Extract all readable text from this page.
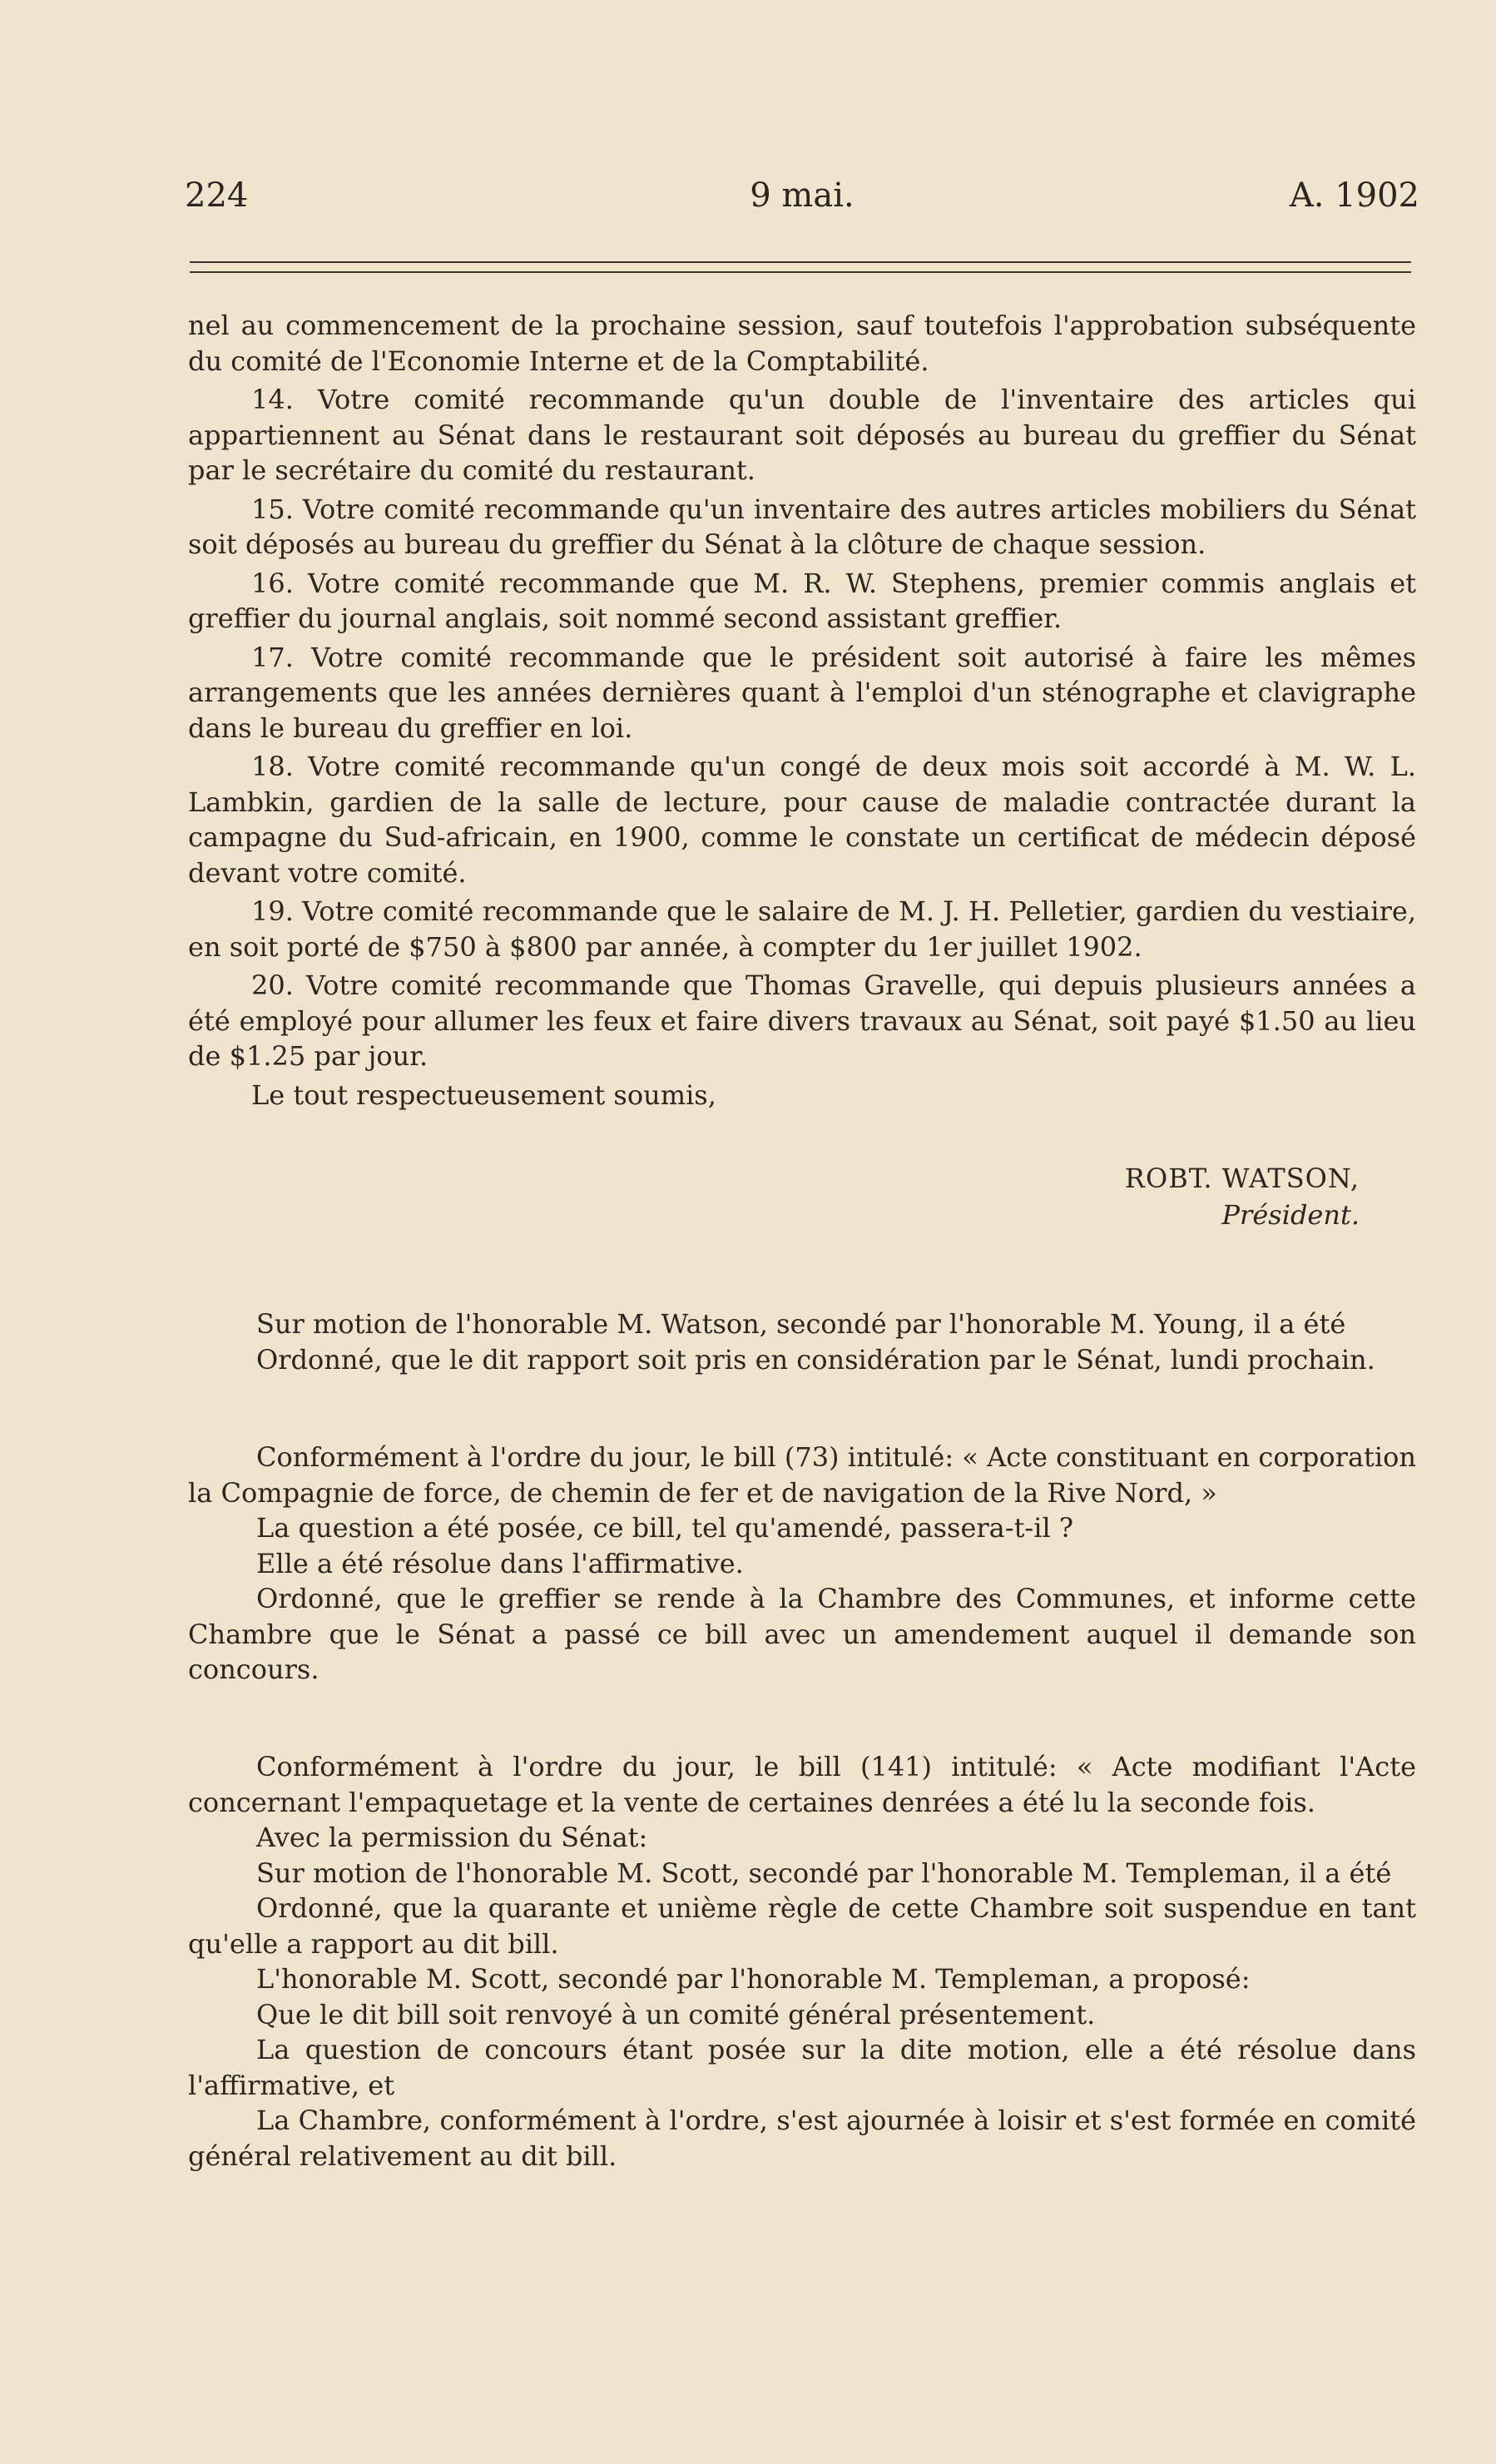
224	9 mai.	A. 1902

nel au commencement de la prochaine session, sauf toutefois l'approbation subséquente du comité de l'Economie Interne et de la Comptabilité.

14. Votre comité recommande qu'un double de l'inventaire des articles qui appartiennent au Sénat dans le restaurant soit déposés au bureau du greffier du Sénat par le secrétaire du comité du restaurant.

15. Votre comité recommande qu'un inventaire des autres articles mobiliers du Sénat soit déposés au bureau du greffier du Sénat à la clôture de chaque session.

16. Votre comité recommande que M. R. W. Stephens, premier commis anglais et greffier du journal anglais, soit nommé second assistant greffier.

17. Votre comité recommande que le président soit autorisé à faire les mêmes arrangements que les années dernières quant à l'emploi d'un sténographe et clavigraphe dans le bureau du greffier en loi.

18. Votre comité recommande qu'un congé de deux mois soit accordé à M. W. L. Lambkin, gardien de la salle de lecture, pour cause de maladie contractée durant la campagne du Sud-africain, en 1900, comme le constate un certificat de médecin déposé devant votre comité.

19. Votre comité recommande que le salaire de M. J. H. Pelletier, gardien du vestiaire, en soit porté de $750 à $800 par année, à compter du 1er juillet 1902.

20. Votre comité recommande que Thomas Gravelle, qui depuis plusieurs années a été employé pour allumer les feux et faire divers travaux au Sénat, soit payé $1.50 au lieu de $1.25 par jour.

Le tout respectueusement soumis,

ROBT. WATSON,
Président.

Sur motion de l'honorable M. Watson, secondé par l'honorable M. Young, il a été

Ordonné, que le dit rapport soit pris en considération par le Sénat, lundi prochain.

Conformément à l'ordre du jour, le bill (73) intitulé: « Acte constituant en corporation la Compagnie de force, de chemin de fer et de navigation de la Rive Nord, »

La question a été posée, ce bill, tel qu'amendé, passera-t-il ?

Elle a été résolue dans l'affirmative.

Ordonné, que le greffier se rende à la Chambre des Communes, et informe cette Chambre que le Sénat a passé ce bill avec un amendement auquel il demande son concours.

Conformément à l'ordre du jour, le bill (141) intitulé: « Acte modifiant l'Acte concernant l'empaquetage et la vente de certaines denrées a été lu la seconde fois.

Avec la permission du Sénat:

Sur motion de l'honorable M. Scott, secondé par l'honorable M. Templeman, il a été

Ordonné, que la quarante et unième règle de cette Chambre soit suspendue en tant qu'elle a rapport au dit bill.

L'honorable M. Scott, secondé par l'honorable M. Templeman, a proposé:

Que le dit bill soit renvoyé à un comité général présentement.

La question de concours étant posée sur la dite motion, elle a été résolue dans l'affirmative, et

La Chambre, conformément à l'ordre, s'est ajournée à loisir et s'est formée en comité général relativement au dit bill.
